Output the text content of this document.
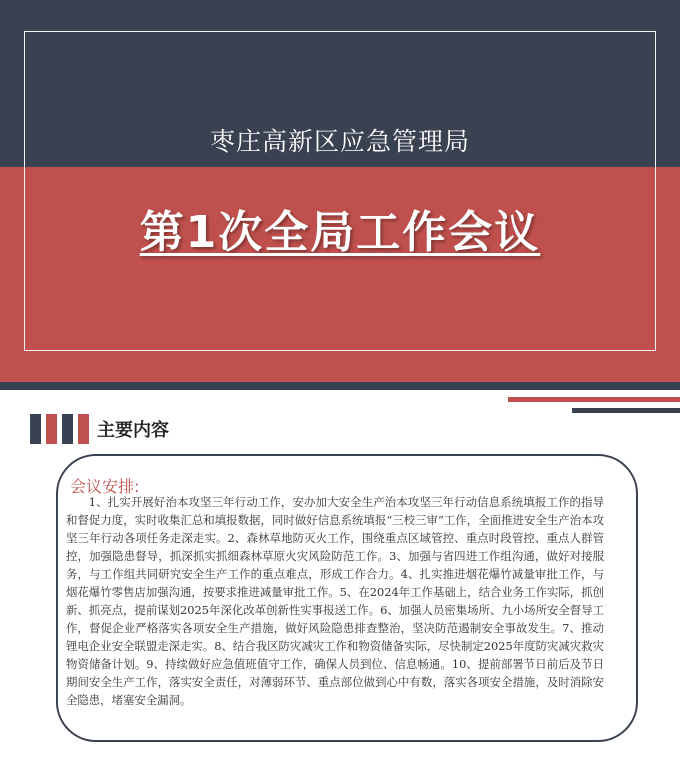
枣庄高新区应急管理局
第1次全局工作会议
主要内容
会议安排:

1、扎实开展好治本攻坚三年行动工作，安办加大安全生产治本攻坚三年行动信息系统填报工作的指导和督促力度，实时收集汇总和填报数据，同时做好信息系统填报“三校三审”工作，全面推进安全生产治本攻坚三年行动各项任务走深走实。2、森林草地防灭火工作，围绕重点区域管控、重点时段管控、重点人群管控，加强隐患督导，抓深抓实抓细森林草原火灾风险防范工作。3、加强与省四进工作组沟通，做好对接服务，与工作组共同研究安全生产工作的重点难点，形成工作合力。4、扎实推进烟花爆竹减量审批工作，与烟花爆竹零售店加强沟通，按要求推进减量审批工作。5、在2024年工作基础上，结合业务工作实际，抓创新、抓亮点，提前谋划2025年深化改革创新性实事报送工作。6、加强人员密集场所、九小场所安全督导工作，督促企业严格落实各项安全生产措施，做好风险隐患排查整治，坚决防范遏制安全事故发生。7、推动锂电企业安全联盟走深走实。8、结合我区防灾减灾工作和物资储备实际，尽快制定2025年度防灾减灾救灾物资储备计划。9、持续做好应急值班值守工作，确保人员到位、信息畅通。10、提前部署节日前后及节日期间安全生产工作，落实安全责任，对薄弱环节、重点部位做到心中有数，落实各项安全措施，及时消除安全隐患，堵塞安全漏洞。
